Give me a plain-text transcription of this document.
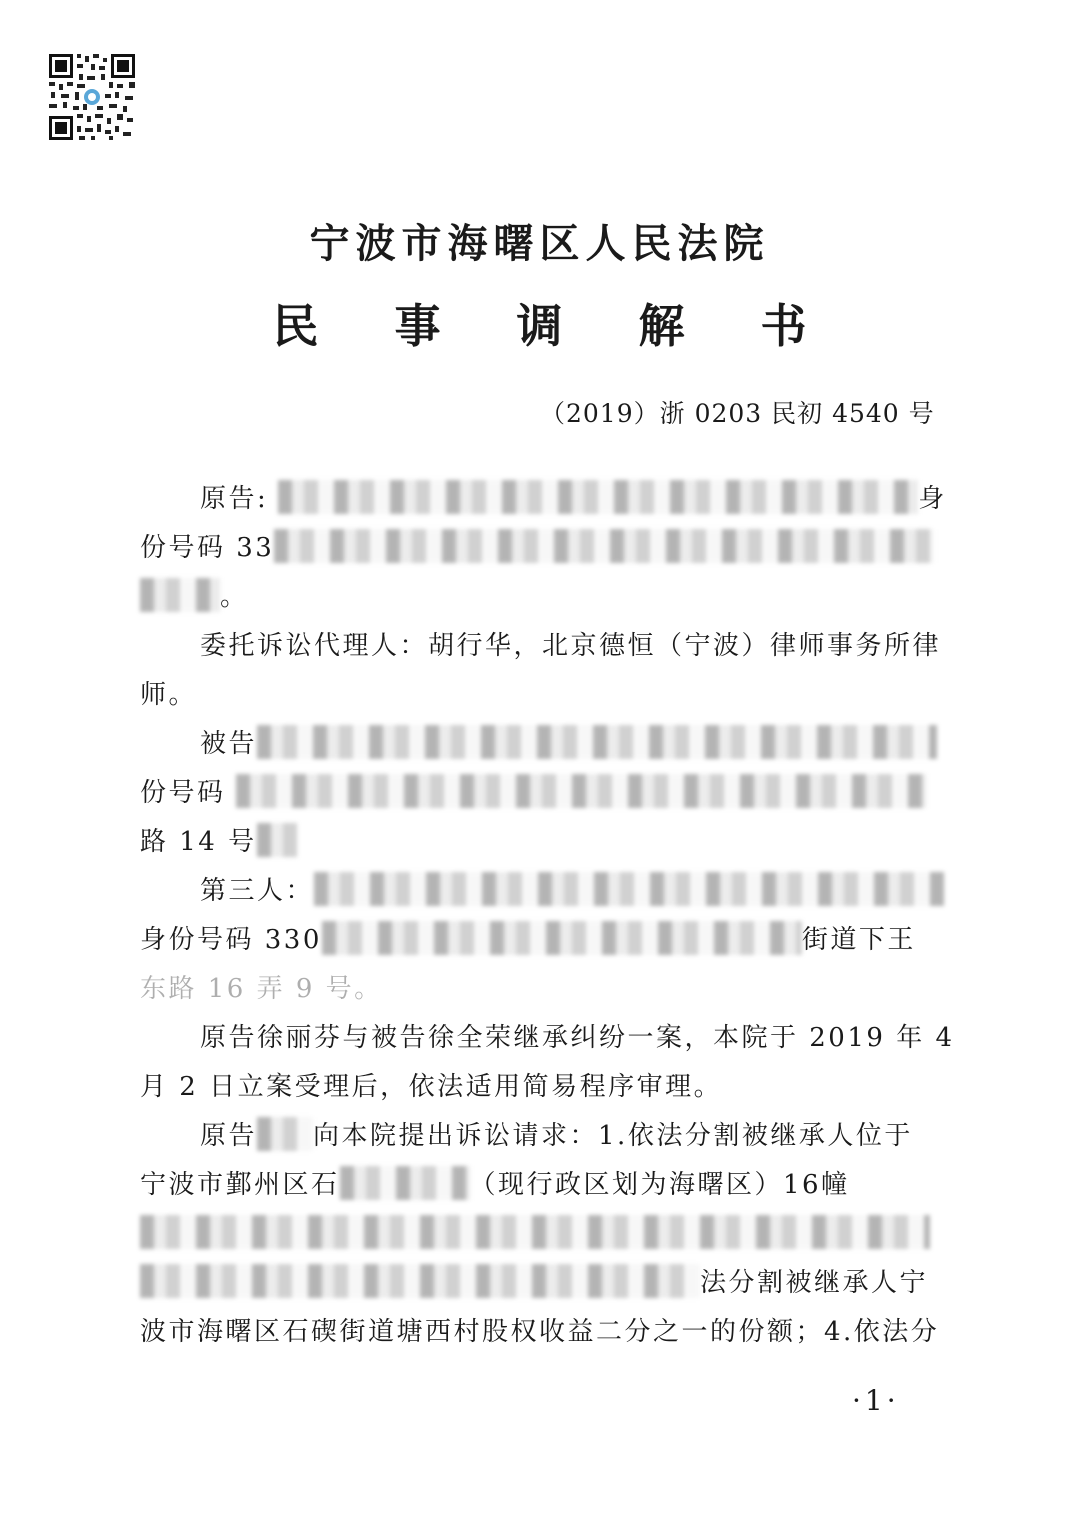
宁波市海曙区人民法院
民 事 调 解 书
（2019）浙 0203 民初 4540 号
原告:	身
份号码 33
。
委托诉讼代理人：胡行华，北京德恒（宁波）律师事务所律
师。
被告
份号码
路 14 号
第三人：
身份号码 330	街道下王
东路 16 弄 9 号。
原告徐丽芬与被告徐全荣继承纠纷一案，本院于 2019 年 4
月 2 日立案受理后，依法适用简易程序审理。
原告 向本院提出诉讼请求：1.依法分割被继承人位于
宁波市鄞州区石	（现行政区划为海曙区）16幢
法分割被继承人宁
波市海曙区石碶街道塘西村股权收益二分之一的份额；4.依法分
·1·
